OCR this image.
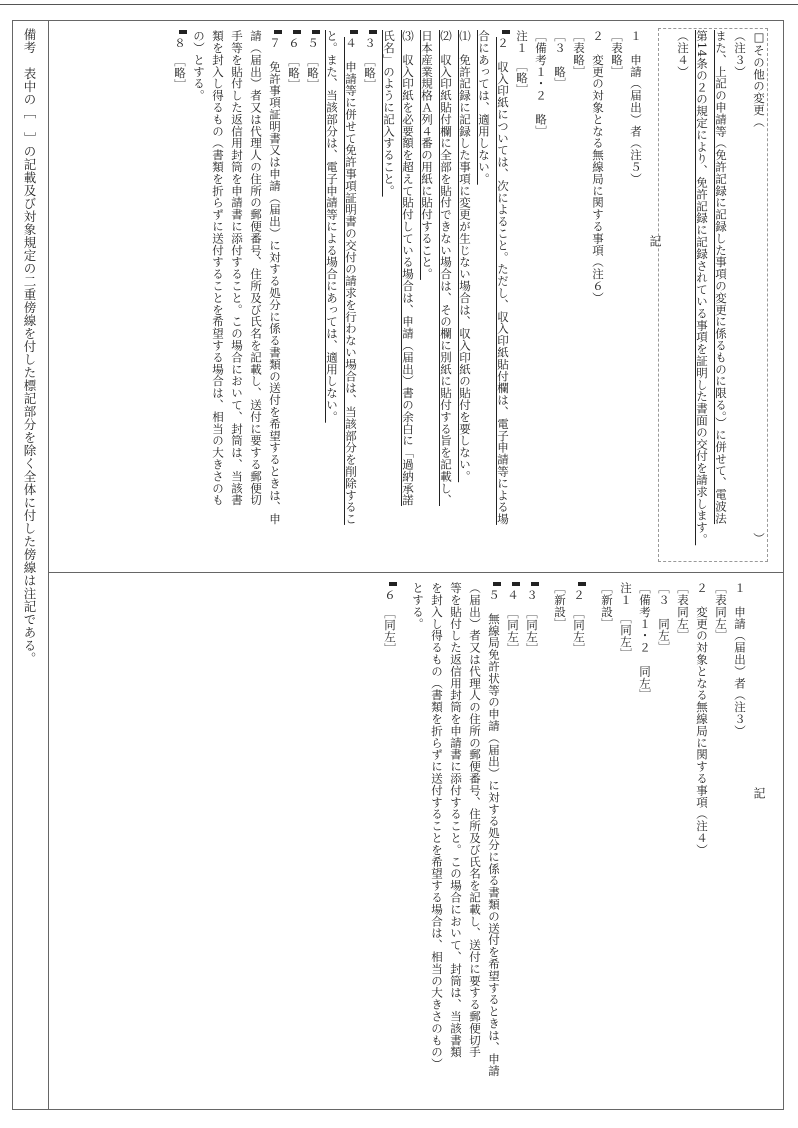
備考　表中の［　］の記載及び対象規定の二重傍線を付した標記部分を除く全体に付した傍線は注記である。	□その他の変更（　　　　　　　　　　　　　　　　　　　　　　　　　　　　　　　　　　）
（注３）
また、上記の申請等（免許記録に記録した事項の変更に係るものに限る。）に併せて、電波法
第14条の２の規定により、免許記録に記録されている事項を証明した書面の交付を請求します。
（注４）
記
１　申請（届出）者（注５）
［表略］
２　変更の対象となる無線局に関する事項（注６）
［表略］
［３　略］
［備考１・２　略］
注１　［略］
２　収入印紙については、次によること。ただし、収入印紙貼付欄は、電子申請等による場
合にあっては、適用しない。
⑴　免許記録に記録した事項に変更が生じない場合は、収入印紙の貼付を要しない。
⑵　収入印紙貼付欄に全部を貼付できない場合は、その欄に別紙に貼付する旨を記載し、
日本産業規格Ａ列４番の用紙に貼付すること。
⑶　収入印紙を必要額を超えて貼付している場合は、申請（届出）書の余白に「過納承諾
氏名」のように記入すること。
３　［略］
４　申請等に併せて免許事項証明書の交付の請求を行わない場合は、当該部分を削除するこ
と。また、当該部分は、電子申請等による場合にあっては、適用しない。
５　［略］
６　［略］
７　免許事項証明書又は申請（届出）に対する処分に係る書類の送付を希望するときは、申
請（届出）者又は代理人の住所の郵便番号、住所及び氏名を記載し、送付に要する郵便切
手等を貼付した返信用封筒を申請書に添付すること。この場合において、封筒は、当該書
類を封入し得るもの（書類を折らずに送付することを希望する場合は、相当の大きさのも
の）とする。
８　［略］
記
１　申請（届出）者（注３）
［表同左］
２　変更の対象となる無線局に関する事項（注４）
［表同左］
［３　同左］
［備考１・２　同左］
注１　［同左］
［新設］
２　［同左］
［新設］
３　［同左］
４　［同左］
５　無線局免許状等の申請（届出）に対する処分に係る書類の送付を希望するときは、申請
（届出）者又は代理人の住所の郵便番号、住所及び氏名を記載し、送付に要する郵便切手
等を貼付した返信用封筒を申請書に添付すること。この場合において、封筒は、当該書類
を封入し得るもの（書類を折らずに送付することを希望する場合は、相当の大きさのもの）
とする。
６　［同左］
